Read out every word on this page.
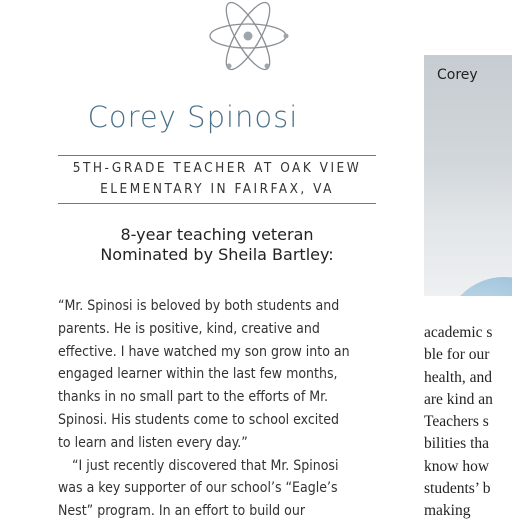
Corey Spinosi
5TH-GRADE TEACHER AT OAK VIEW
ELEMENTARY IN FAIRFAX, VA
8-year teaching veteran
Nominated by Sheila Bartley:
“Mr. Spinosi is beloved by both students and
parents. He is positive, kind, creative and
effective. I have watched my son grow into an
engaged learner within the last few months,
thanks in no small part to the efforts of Mr.
Spinosi. His students come to school excited
to learn and listen every day.”
“I just recently discovered that Mr. Spinosi
was a key supporter of our school’s “Eagle’s
Nest” program. In an effort to build our
Corey
academic s
ble for our
health, and
are kind an
Teachers s
bilities tha
know how
students’ b
making
